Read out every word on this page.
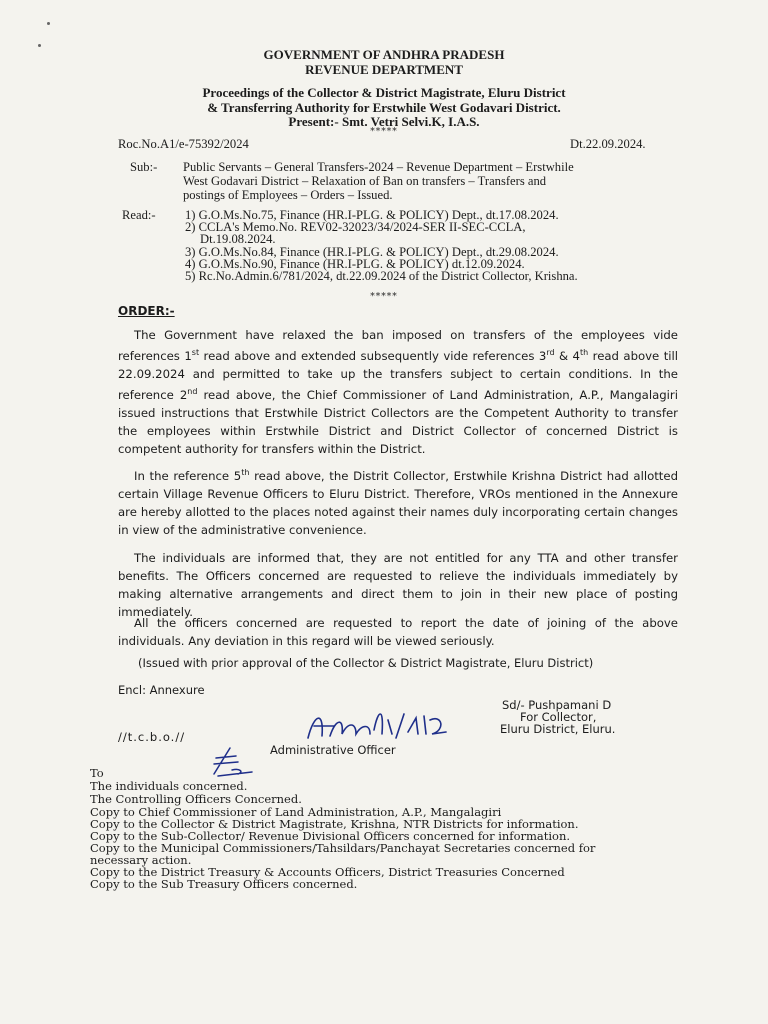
GOVERNMENT OF ANDHRA PRADESH
REVENUE DEPARTMENT
Proceedings of the Collector & District Magistrate, Eluru District
& Transferring Authority for Erstwhile West Godavari District.
Present:- Smt. Vetri Selvi.K, I.A.S.
*****
Roc.No.A1/e-75392/2024	Dt.22.09.2024.
Sub:- Public Servants – General Transfers-2024 – Revenue Department – Erstwhile
West Godavari District – Relaxation of Ban on transfers – Transfers and
postings of Employees – Orders – Issued.
Read:- 1) G.O.Ms.No.75, Finance (HR.I-PLG. & POLICY) Dept., dt.17.08.2024.
2) CCLA's Memo.No. REV02-32023/34/2024-SER II-SEC-CCLA,
Dt.19.08.2024.
3) G.O.Ms.No.84, Finance (HR.I-PLG. & POLICY) Dept., dt.29.08.2024.
4) G.O.Ms.No.90, Finance (HR.I-PLG. & POLICY) dt.12.09.2024.
5) Rc.No.Admin.6/781/2024, dt.22.09.2024 of the District Collector, Krishna.
*****
ORDER:-
The Government have relaxed the ban imposed on transfers of the employees vide references 1st read above and extended subsequently vide references 3rd & 4th read above till 22.09.2024 and permitted to take up the transfers subject to certain conditions. In the reference 2nd read above, the Chief Commissioner of Land Administration, A.P., Mangalagiri issued instructions that Erstwhile District Collectors are the Competent Authority to transfer the employees within Erstwhile District and District Collector of concerned District is competent authority for transfers within the District.
In the reference 5th read above, the Distrit Collector, Erstwhile Krishna District had allotted certain Village Revenue Officers to Eluru District. Therefore, VROs mentioned in the Annexure are hereby allotted to the places noted against their names duly incorporating certain changes in view of the administrative convenience.
The individuals are informed that, they are not entitled for any TTA and other transfer benefits. The Officers concerned are requested to relieve the individuals immediately by making alternative arrangements and direct them to join in their new place of posting immediately.
All the officers concerned are requested to report the date of joining of the above individuals. Any deviation in this regard will be viewed seriously.
(Issued with prior approval of the Collector & District Magistrate, Eluru District)
Encl: Annexure
Sd/- Pushpamani D
For Collector,
Eluru District, Eluru.
//t.c.b.o.//
Administrative Officer
To
The individuals concerned.
The Controlling Officers Concerned.
Copy to Chief Commissioner of Land Administration, A.P., Mangalagiri
Copy to the Collector & District Magistrate, Krishna, NTR Districts for information.
Copy to the Sub-Collector/ Revenue Divisional Officers concerned for information.
Copy to the Municipal Commissioners/Tahsildars/Panchayat Secretaries concerned for
necessary action.
Copy to the District Treasury & Accounts Officers, District Treasuries Concerned
Copy to the Sub Treasury Officers concerned.
